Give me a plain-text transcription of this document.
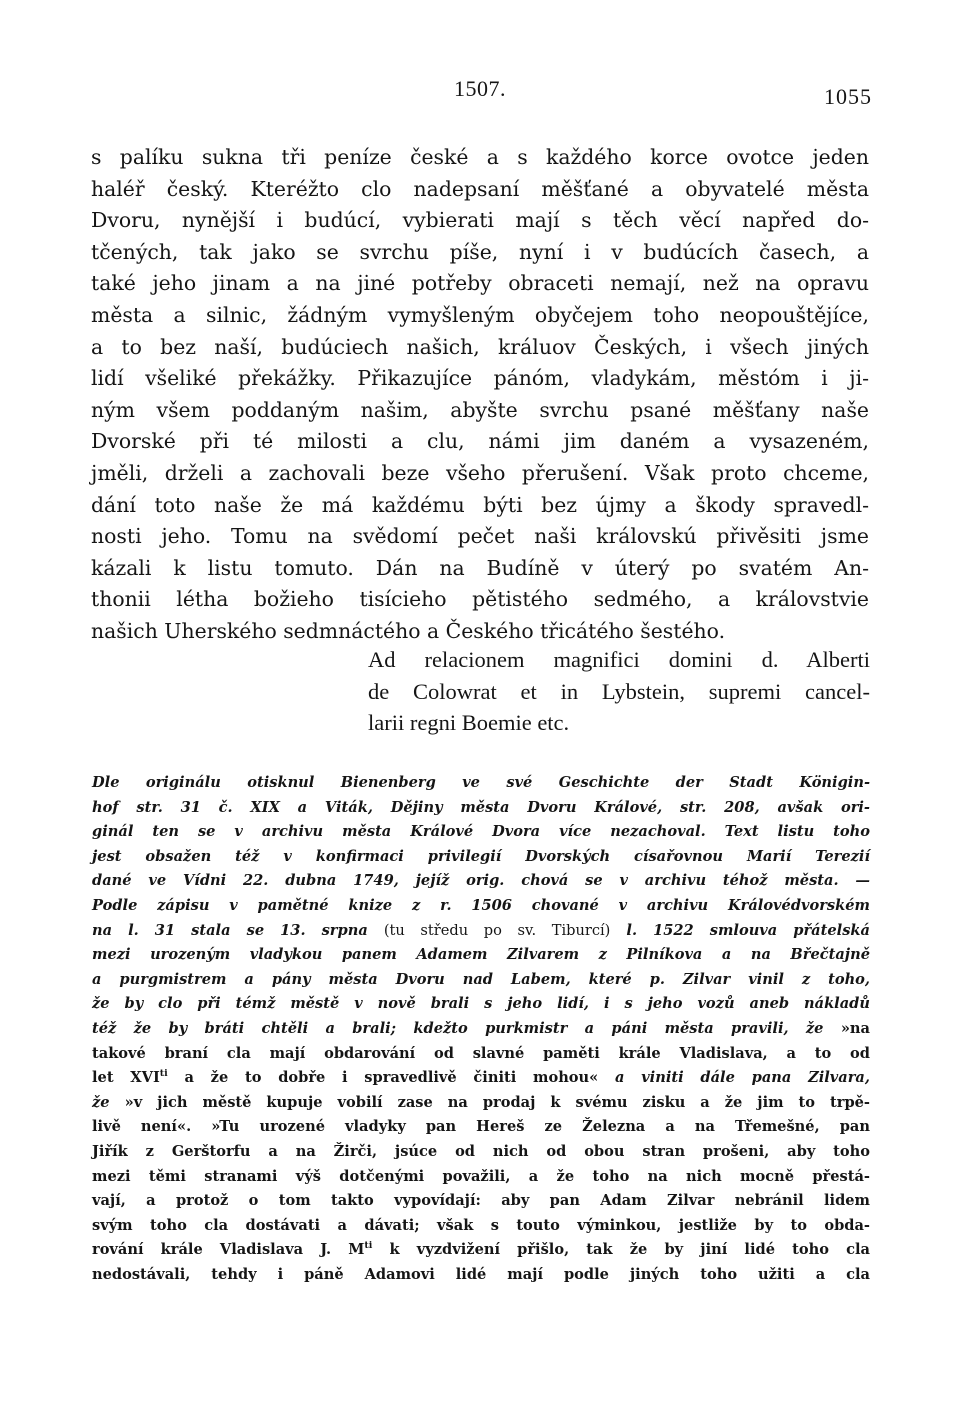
1507.	1055
s palíku sukna tři peníze české a s každého korce ovotce jeden
haléř český. Kteréžto clo nadepsaní měšťané a obyvatelé města
Dvoru, nynější i budúcí, vybierati mají s těch věcí napřed do-
tčených, tak jako se svrchu píše, nyní i v budúcích časech, a
také jeho jinam a na jiné potřeby obraceti nemají, než na opravu
města a silnic, žádným vymyšleným obyčejem toho neopouštějíce,
a to bez naší, budúciech našich, králuov Českých, i všech jiných
lidí všeliké překážky. Přikazujíce pánóm, vladykám, městóm i ji-
ným všem poddaným našim, abyšte svrchu psané měšťany naše
Dvorské při té milosti a clu, námi jim daném a vysazeném,
jměli, drželi a zachovali beze všeho přerušení. Však proto chceme,
dání toto naše že má každému býti bez újmy a škody spravedl-
nosti jeho. Tomu na svědomí pečet naši královskú přivěsiti jsme
kázali k listu tomuto. Dán na Budíně v úterý po svatém An-
thonii létha božieho tisícieho pětistého sedmého, a královstvie
našich Uherského sedmnáctého a Českého třicátého šestého.
Ad relacionem magnifici domini d. Alberti
de Colowrat et in Lybstein, supremi cancel-
larii regni Boemie etc.
Dle originálu otisknul Bienenberg ve své Geschichte der Stadt Königin-
hof str. 31 č. XIX a Viták, Dějiny města Dvoru Králové, str. 208, avšak ori-
ginál ten se v archivu města Králové Dvora více nezachoval. Text listu toho
jest obsažen též v konfirmaci privilegií Dvorských císařovnou Marií Terezií
dané ve Vídni 22. dubna 1749, jejíž orig. chová se v archivu téhož města. —
Podle zápisu v pamětné knize z r. 1506 chované v archivu Královédvorském
na l. 31 stala se 13. srpna (tu středu po sv. Tiburcí) l. 1522 smlouva přátelská
mezi urozeným vladykou panem Adamem Zilvarem z Pilníkova a na Břečtajně
a purgmistrem a pány města Dvoru nad Labem, které p. Zilvar vinil z toho,
že by clo při témž městě v nově brali s jeho lidí, i s jeho vozů aneb nákladů
též že by bráti chtěli a brali; kdežto purkmistr a páni města pravili, že »na
takové braní cla mají obdarování od slavné paměti krále Vladislava, a to od
let $XVI^{ti}$ a že to dobře i spravedlivě činiti mohou« a viniti dále pana Zilvara,
že »v jich městě kupuje vobilí zase na prodaj k svému zisku a že jim to trpě-
livě není«. »Tu urozené vladyky pan Hereš ze Železna a na Třemešné, pan
Jiřík z Gerštorfu a na Žirči, jsúce od nich od obou stran prošeni, aby toho
mezi těmi stranami výš dotčenými považili, a že toho na nich mocně přestá-
vají, a protož o tom takto vypovídají: aby pan Adam Zilvar nebránil lidem
svým toho cla dostávati a dávati; však s touto výminkou, jestliže by to obda-
rování krále Vladislava J. $M^{ti}$ k vyzdvižení přišlo, tak že by jiní lidé toho cla
nedostávali, tehdy i páně Adamovi lidé mají podle jiných toho užiti a cla
